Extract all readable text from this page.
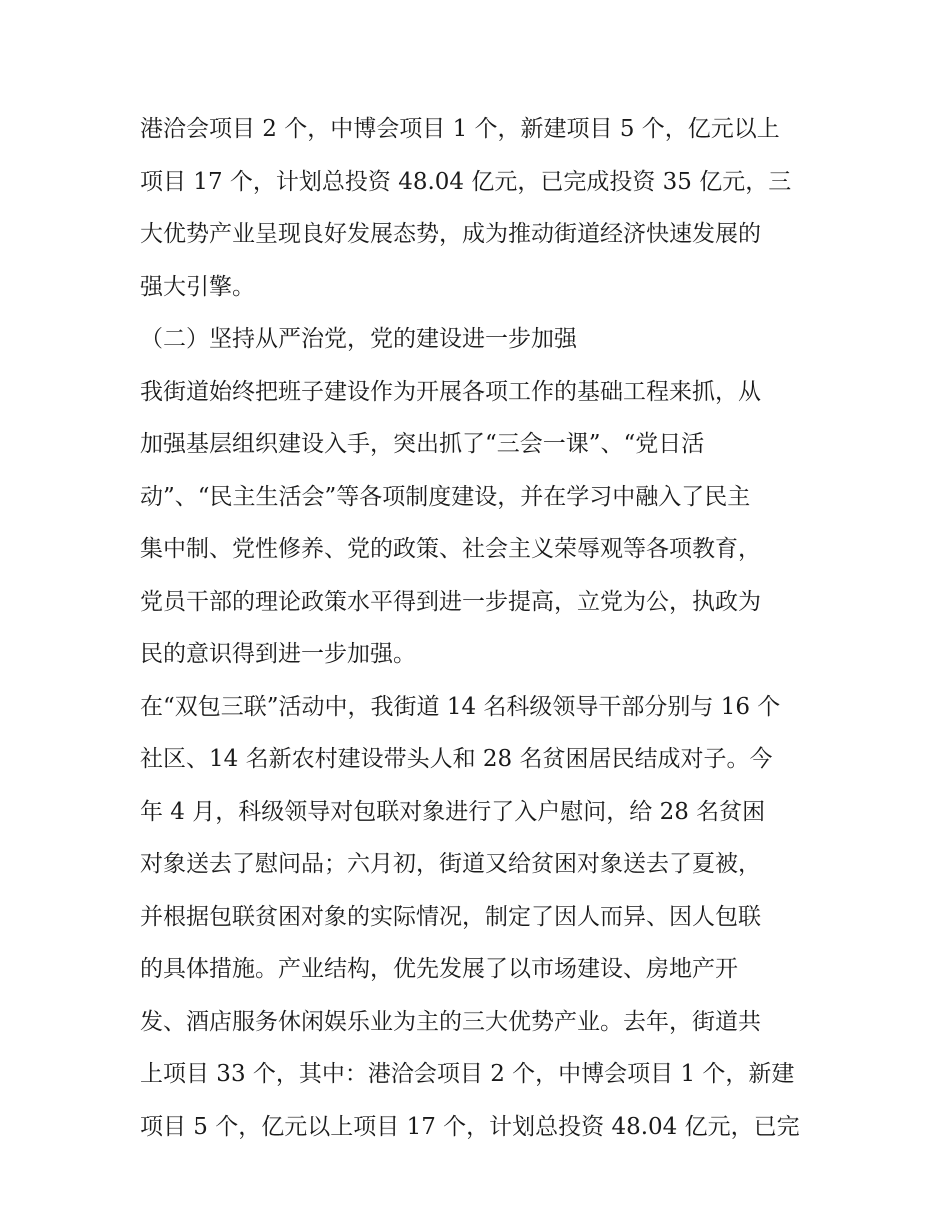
港洽会项目 2 个，中博会项目 1 个，新建项目 5 个，亿元以上
项目 17 个，计划总投资 48.04 亿元，已完成投资 35 亿元，三
大优势产业呈现良好发展态势，成为推动街道经济快速发展的
强大引擎。
（二）坚持从严治党，党的建设进一步加强
我街道始终把班子建设作为开展各项工作的基础工程来抓，从
加强基层组织建设入手，突出抓了“三会一课”、“党日活
动”、“民主生活会”等各项制度建设，并在学习中融入了民主
集中制、党性修养、党的政策、社会主义荣辱观等各项教育，
党员干部的理论政策水平得到进一步提高，立党为公，执政为
民的意识得到进一步加强。
在“双包三联”活动中，我街道 14 名科级领导干部分别与 16 个
社区、14 名新农村建设带头人和 28 名贫困居民结成对子。今
年 4 月，科级领导对包联对象进行了入户慰问，给 28 名贫困
对象送去了慰问品；六月初，街道又给贫困对象送去了夏被，
并根据包联贫困对象的实际情况，制定了因人而异、因人包联
的具体措施。产业结构，优先发展了以市场建设、房地产开
发、酒店服务休闲娱乐业为主的三大优势产业。去年，街道共
上项目 33 个，其中：港洽会项目 2 个，中博会项目 1 个，新建
项目 5 个，亿元以上项目 17 个，计划总投资 48.04 亿元，已完
